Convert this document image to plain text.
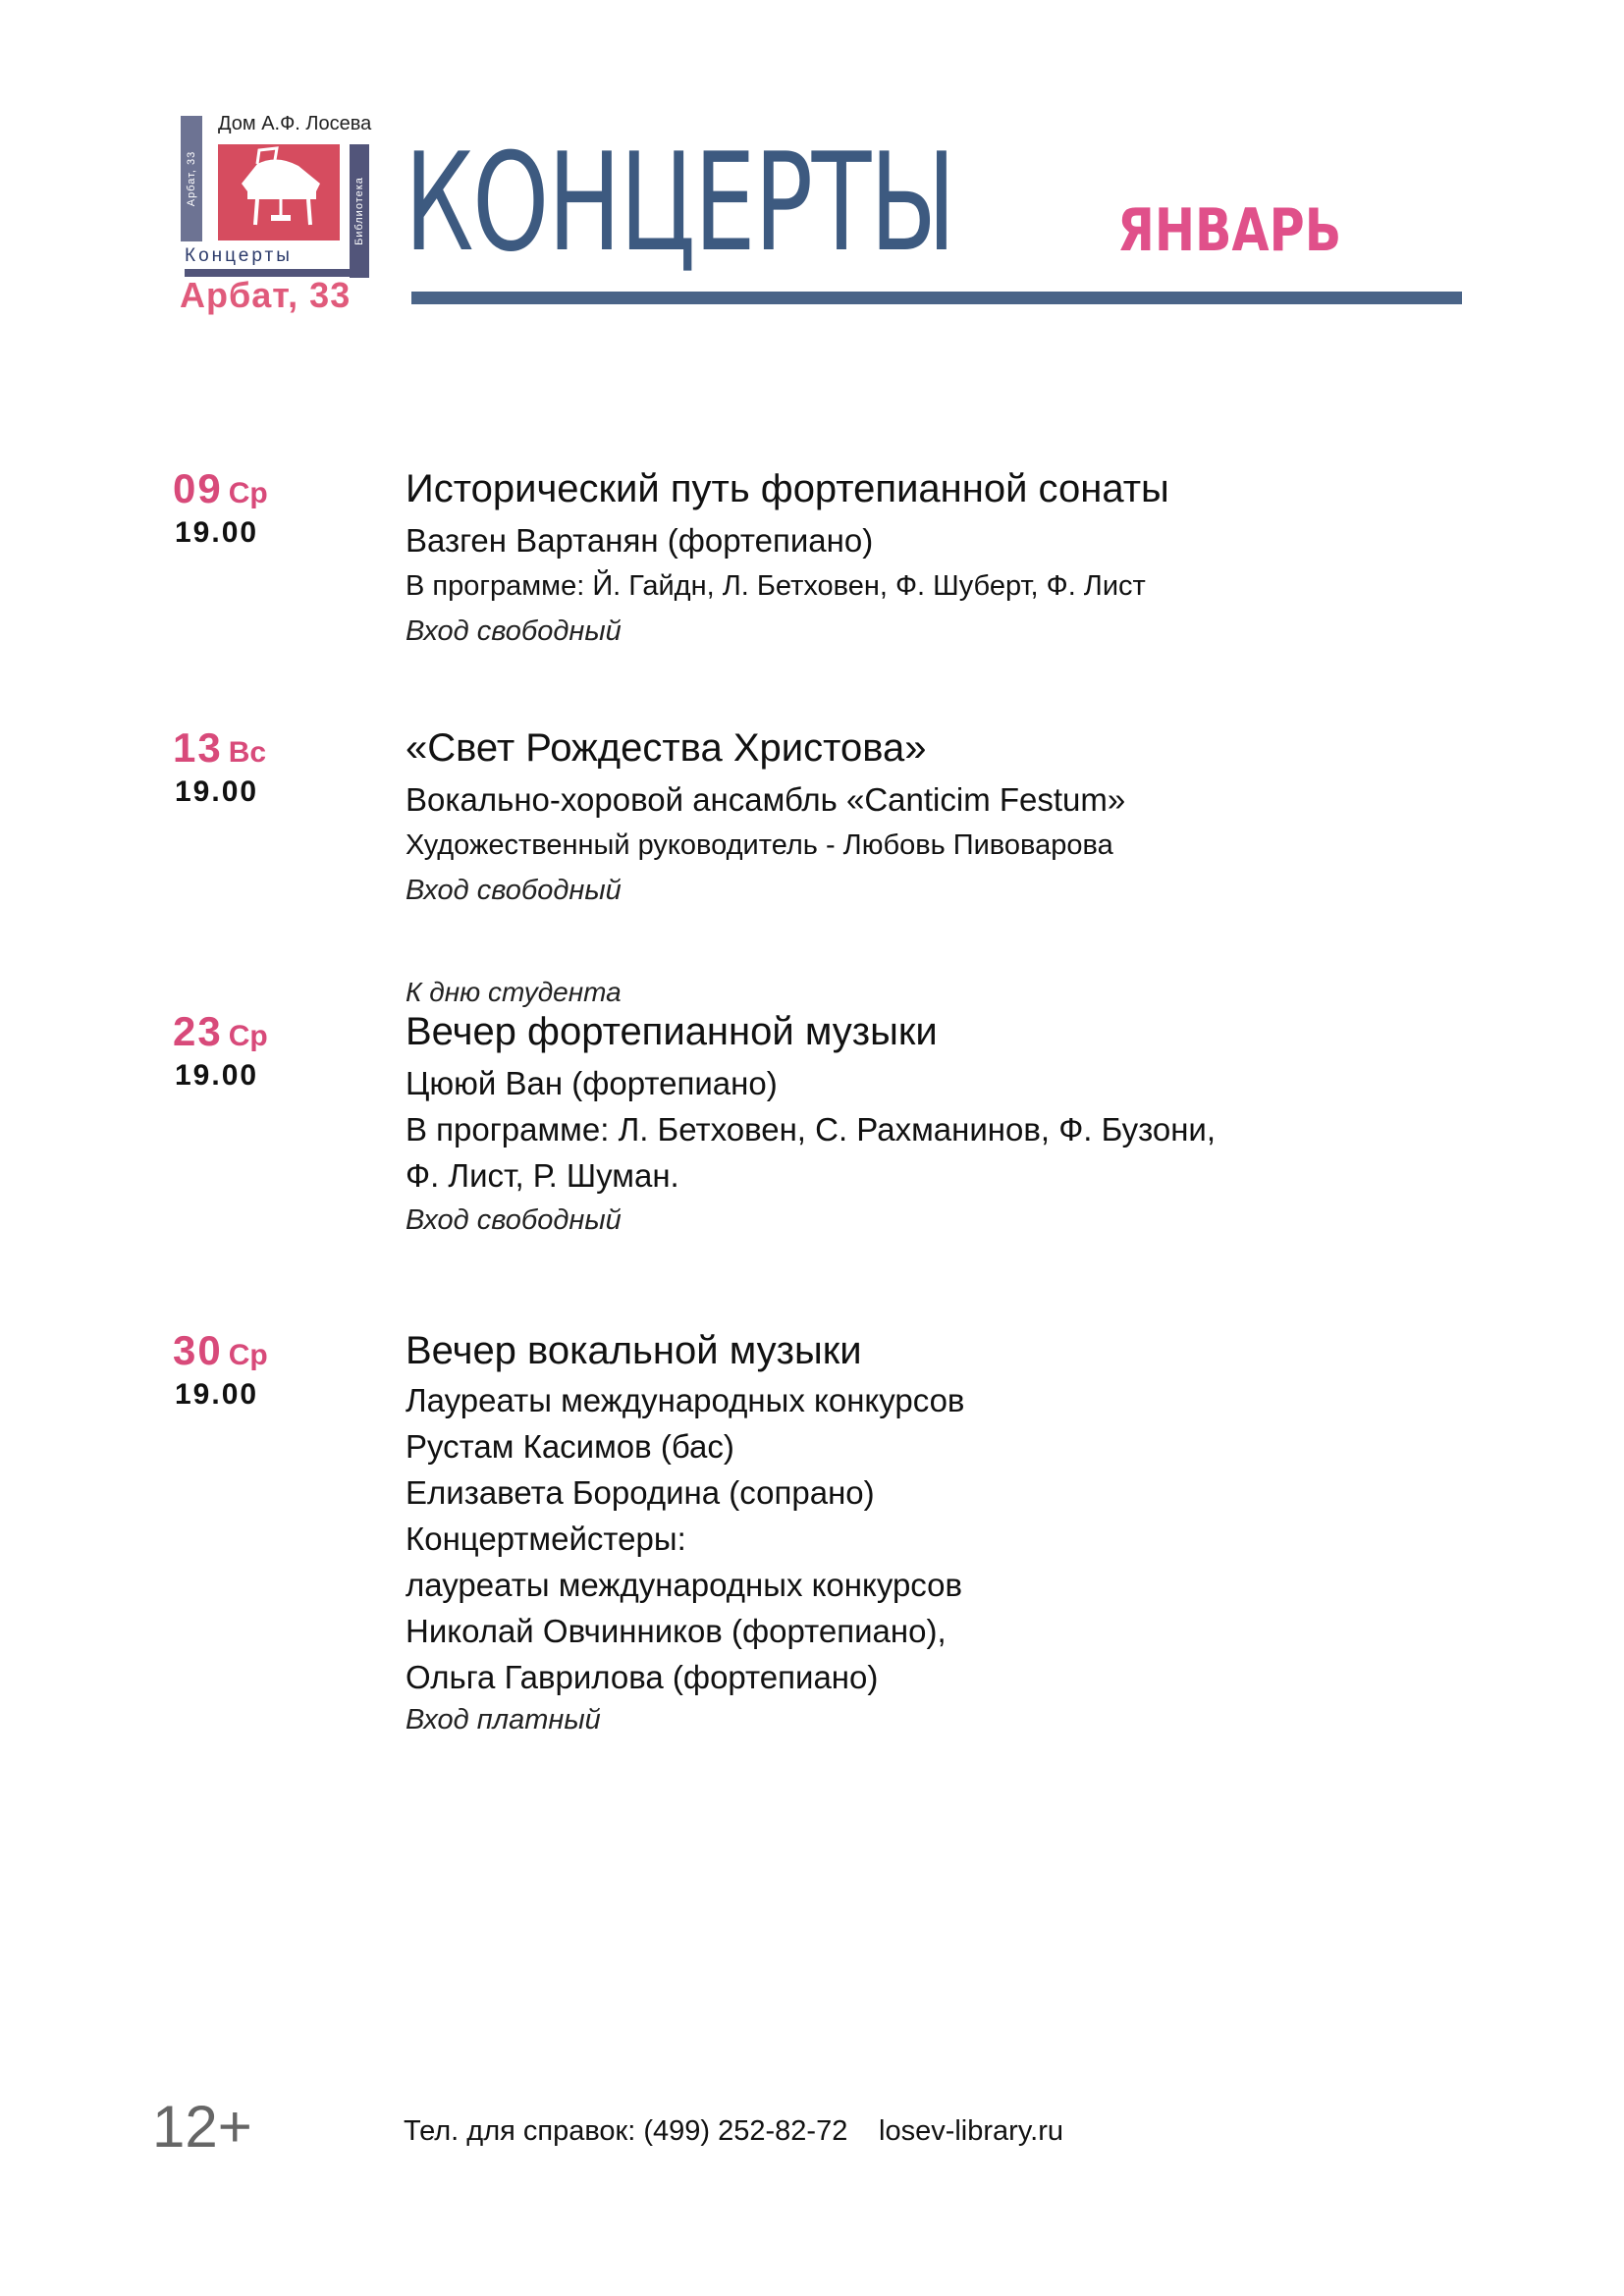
Дом А.Ф. Лосева
Арбат, 33	Библиотека
Концерты
Арбат, 33
КОНЦЕРТЫ	ЯНВАРЬ
09 Ср
19.00
Исторический путь фортепианной сонаты
Вазген Вартанян (фортепиано)
В программе: Й. Гайдн, Л. Бетховен, Ф. Шуберт, Ф. Лист
Вход свободный
13 Вс
19.00
«Свет Рождества Христова»
Вокально-хоровой ансамбль «Canticim Festum»
Художественный руководитель - Любовь Пивоварова
Вход свободный
К дню студента
23 Ср
19.00
Вечер фортепианной музыки
Цююй Ван (фортепиано)
В программе: Л. Бетховен, С. Рахманинов, Ф. Бузони,
Ф. Лист, Р. Шуман.
Вход свободный
30 Ср
19.00
Вечер вокальной музыки
Лауреаты международных конкурсов
Рустам Касимов (бас)
Елизавета Бородина (сопрано)
Концертмейстеры:
лауреаты международных конкурсов
Николай Овчинников (фортепиано),
Ольга Гаврилова (фортепиано)
Вход платный
12+	Тел. для справок: (499) 252-82-72 losev-library.ru
